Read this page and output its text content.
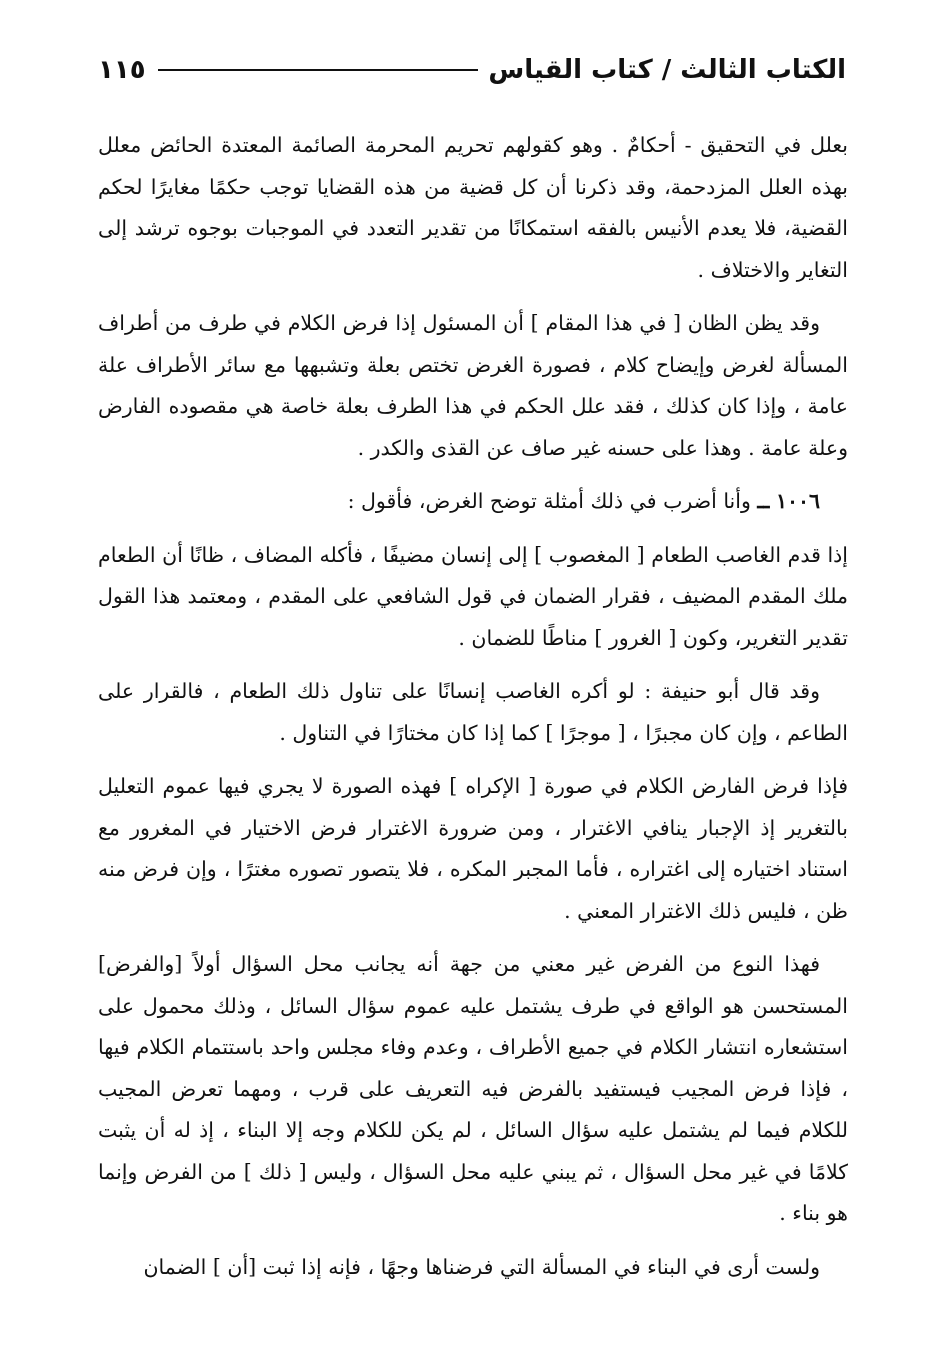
١١٥	الكتاب الثالث / كتاب القياس

بعلل في التحقيق - أحكامٌ . وهو كقولهم تحريم المحرمة الصائمة المعتدة الحائض معلل بهذه العلل المزدحمة، وقد ذكرنا أن كل قضية من هذه القضايا توجب حكمًا مغايرًا لحكم القضية، فلا يعدم الأنيس بالفقه استمكانًا من تقدير التعدد في الموجبات بوجوه ترشد إلى التغاير والاختلاف .

وقد يظن الظان [ في هذا المقام ] أن المسئول إذا فرض الكلام في طرف من أطراف المسألة لغرض وإيضاح كلام ، فصورة الغرض تختص بعلة وتشبهها مع سائر الأطراف علة عامة ، وإذا كان كذلك ، فقد علل الحكم في هذا الطرف بعلة خاصة هي مقصوده الفارض وعلة عامة . وهذا على حسنه غير صاف عن القذى والكدر .

١٠٠٦ ــ وأنا أضرب في ذلك أمثلة توضح الغرض، فأقول :

إذا قدم الغاصب الطعام [ المغصوب ] إلى إنسان مضيفًا ، فأكله المضاف ، ظانًا أن الطعام ملك المقدم المضيف ، فقرار الضمان في قول الشافعي على المقدم ، ومعتمد هذا القول تقدير التغرير، وكون [ الغرور ] مناطًا للضمان .

وقد قال أبو حنيفة : لو أكره الغاصب إنسانًا على تناول ذلك الطعام ، فالقرار على الطاعم ، وإن كان مجبرًا ، [ موجرًا ] كما إذا كان مختارًا في التناول .

فإذا فرض الفارض الكلام في صورة [ الإكراه ] فهذه الصورة لا يجري فيها عموم التعليل بالتغرير إذ الإجبار ينافي الاغترار ، ومن ضرورة الاغترار فرض الاختيار في المغرور مع استناد اختياره إلى اغتراره ، فأما المجبر المكره ، فلا يتصور تصوره مغترًا ، وإن فرض منه ظن ، فليس ذلك الاغترار المعني .

فهذا النوع من الفرض غير معني من جهة أنه يجانب محل السؤال أولاً [والفرض] المستحسن هو الواقع في طرف يشتمل عليه عموم سؤال السائل ، وذلك محمول على استشعاره انتشار الكلام في جميع الأطراف ، وعدم وفاء مجلس واحد باستتمام الكلام فيها ، فإذا فرض المجيب فيستفيد بالفرض فيه التعريف على قرب ، ومهما تعرض المجيب للكلام فيما لم يشتمل عليه سؤال السائل ، لم يكن للكلام وجه إلا البناء ، إذ له أن يثبت كلامًا في غير محل السؤال ، ثم يبني عليه محل السؤال ، وليس [ ذلك ] من الفرض وإنما هو بناء .

ولست أرى في البناء في المسألة التي فرضناها وجهًا ، فإنه إذا ثبت [أن ] الضمان
